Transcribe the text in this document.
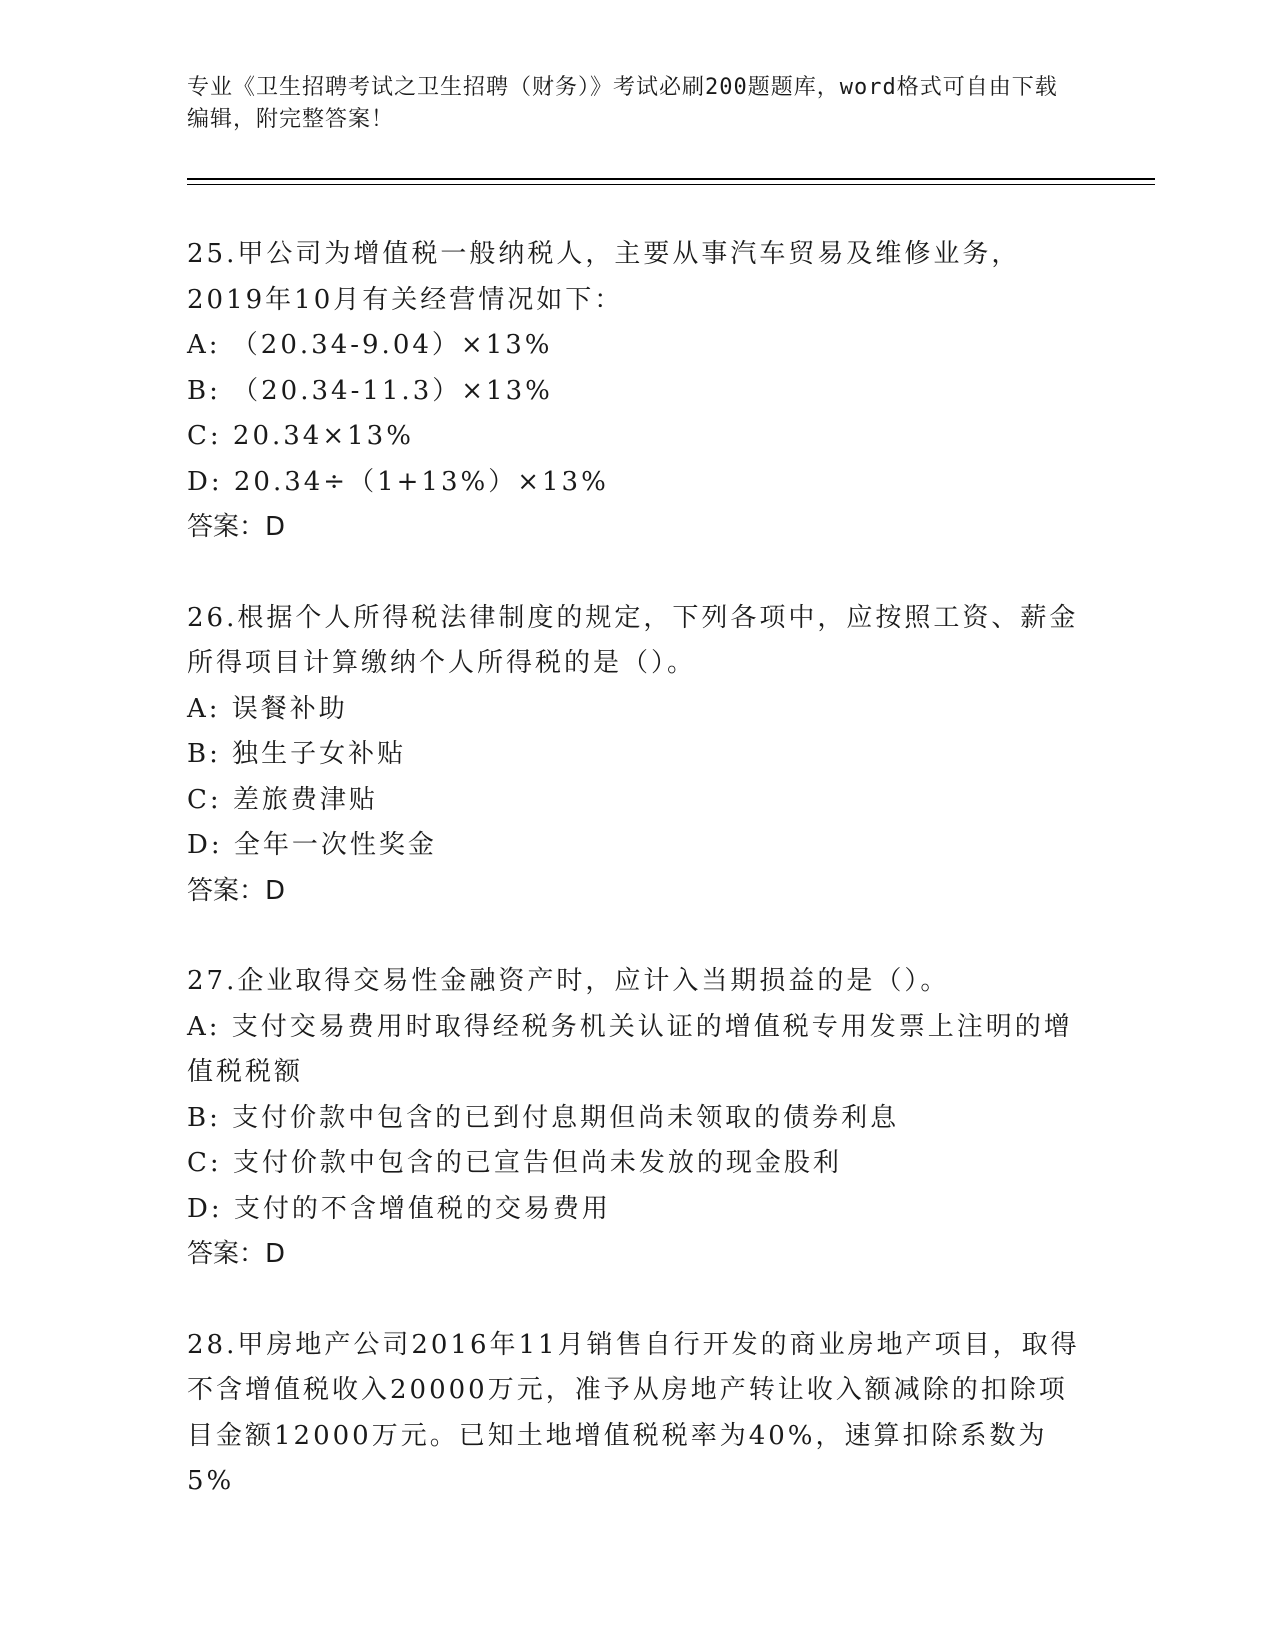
专业《卫生招聘考试之卫生招聘（财务）》考试必刷200题题库，word格式可自由下载编辑，附完整答案！

25.甲公司为增值税一般纳税人，主要从事汽车贸易及维修业务，2019年10月有关经营情况如下：

A: （20.34-9.04）×13%

B: （20.34-11.3）×13%

C: 20.34×13%

D: 20.34÷（1+13%）×13%

答案：D

26.根据个人所得税法律制度的规定，下列各项中，应按照工资、薪金所得项目计算缴纳个人所得税的是（）。

A: 误餐补助

B: 独生子女补贴

C: 差旅费津贴

D: 全年一次性奖金

答案：D

27.企业取得交易性金融资产时，应计入当期损益的是（）。

A: 支付交易费用时取得经税务机关认证的增值税专用发票上注明的增值税税额

B: 支付价款中包含的已到付息期但尚未领取的债券利息

C: 支付价款中包含的已宣告但尚未发放的现金股利

D: 支付的不含增值税的交易费用

答案：D

28.甲房地产公司2016年11月销售自行开发的商业房地产项目，取得不含增值税收入20000万元，准予从房地产转让收入额减除的扣除项目金额12000万元。已知土地增值税税率为40%，速算扣除系数为5%
